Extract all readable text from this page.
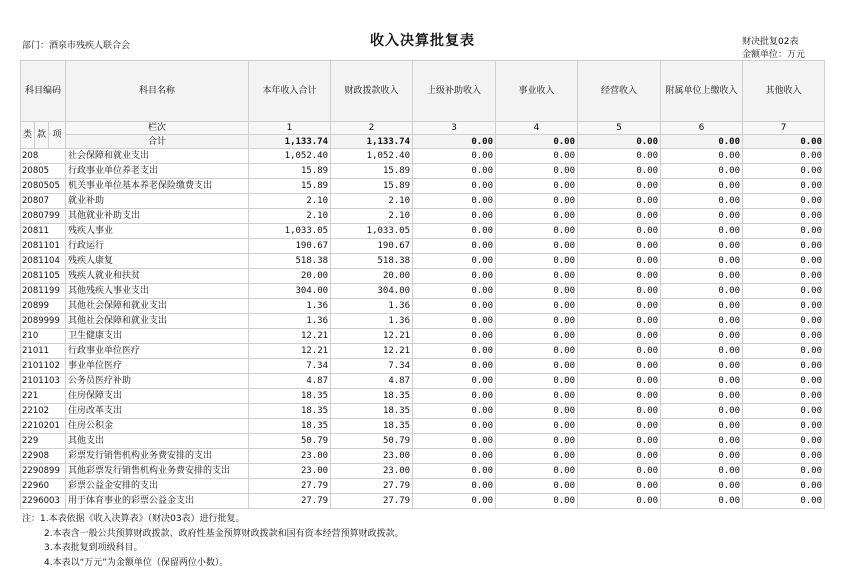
部门：酒泉市残疾人联合会	收入决算批复表	财决批复02表
金额单位：万元
科目编码			科目名称	本年收入合计	财政拨款收入	上级补助收入	事业收入	经营收入	附属单位上缴收入	其他收入
类	款	项	栏次	1	2	3	4	5	6	7
			合计	1,133.74	1,133.74	0.00	0.00	0.00	0.00	0.00
208			社会保障和就业支出	1,052.40	1,052.40	0.00	0.00	0.00	0.00	0.00
20805			行政事业单位养老支出	15.89	15.89	0.00	0.00	0.00	0.00	0.00
2080505			机关事业单位基本养老保险缴费支出	15.89	15.89	0.00	0.00	0.00	0.00	0.00
20807			就业补助	2.10	2.10	0.00	0.00	0.00	0.00	0.00
2080799			其他就业补助支出	2.10	2.10	0.00	0.00	0.00	0.00	0.00
20811			残疾人事业	1,033.05	1,033.05	0.00	0.00	0.00	0.00	0.00
2081101			行政运行	190.67	190.67	0.00	0.00	0.00	0.00	0.00
2081104			残疾人康复	518.38	518.38	0.00	0.00	0.00	0.00	0.00
2081105			残疾人就业和扶贫	20.00	20.00	0.00	0.00	0.00	0.00	0.00
2081199			其他残疾人事业支出	304.00	304.00	0.00	0.00	0.00	0.00	0.00
20899			其他社会保障和就业支出	1.36	1.36	0.00	0.00	0.00	0.00	0.00
2089999			其他社会保障和就业支出	1.36	1.36	0.00	0.00	0.00	0.00	0.00
210			卫生健康支出	12.21	12.21	0.00	0.00	0.00	0.00	0.00
21011			行政事业单位医疗	12.21	12.21	0.00	0.00	0.00	0.00	0.00
2101102			事业单位医疗	7.34	7.34	0.00	0.00	0.00	0.00	0.00
2101103			公务员医疗补助	4.87	4.87	0.00	0.00	0.00	0.00	0.00
221			住房保障支出	18.35	18.35	0.00	0.00	0.00	0.00	0.00
22102			住房改革支出	18.35	18.35	0.00	0.00	0.00	0.00	0.00
2210201			住房公积金	18.35	18.35	0.00	0.00	0.00	0.00	0.00
229			其他支出	50.79	50.79	0.00	0.00	0.00	0.00	0.00
22908			彩票发行销售机构业务费安排的支出	23.00	23.00	0.00	0.00	0.00	0.00	0.00
2290899			其他彩票发行销售机构业务费安排的支出	23.00	23.00	0.00	0.00	0.00	0.00	0.00
22960			彩票公益金安排的支出	27.79	27.79	0.00	0.00	0.00	0.00	0.00
2296003			用于体育事业的彩票公益金支出	27.79	27.79	0.00	0.00	0.00	0.00	0.00
注：1.本表依据《收入决算表》（财决03表）进行批复。
2.本表含一般公共预算财政拨款、政府性基金预算财政拨款和国有资本经营预算财政拨款。
3.本表批复到项级科目。
4.本表以“万元”为金额单位（保留两位小数）。
